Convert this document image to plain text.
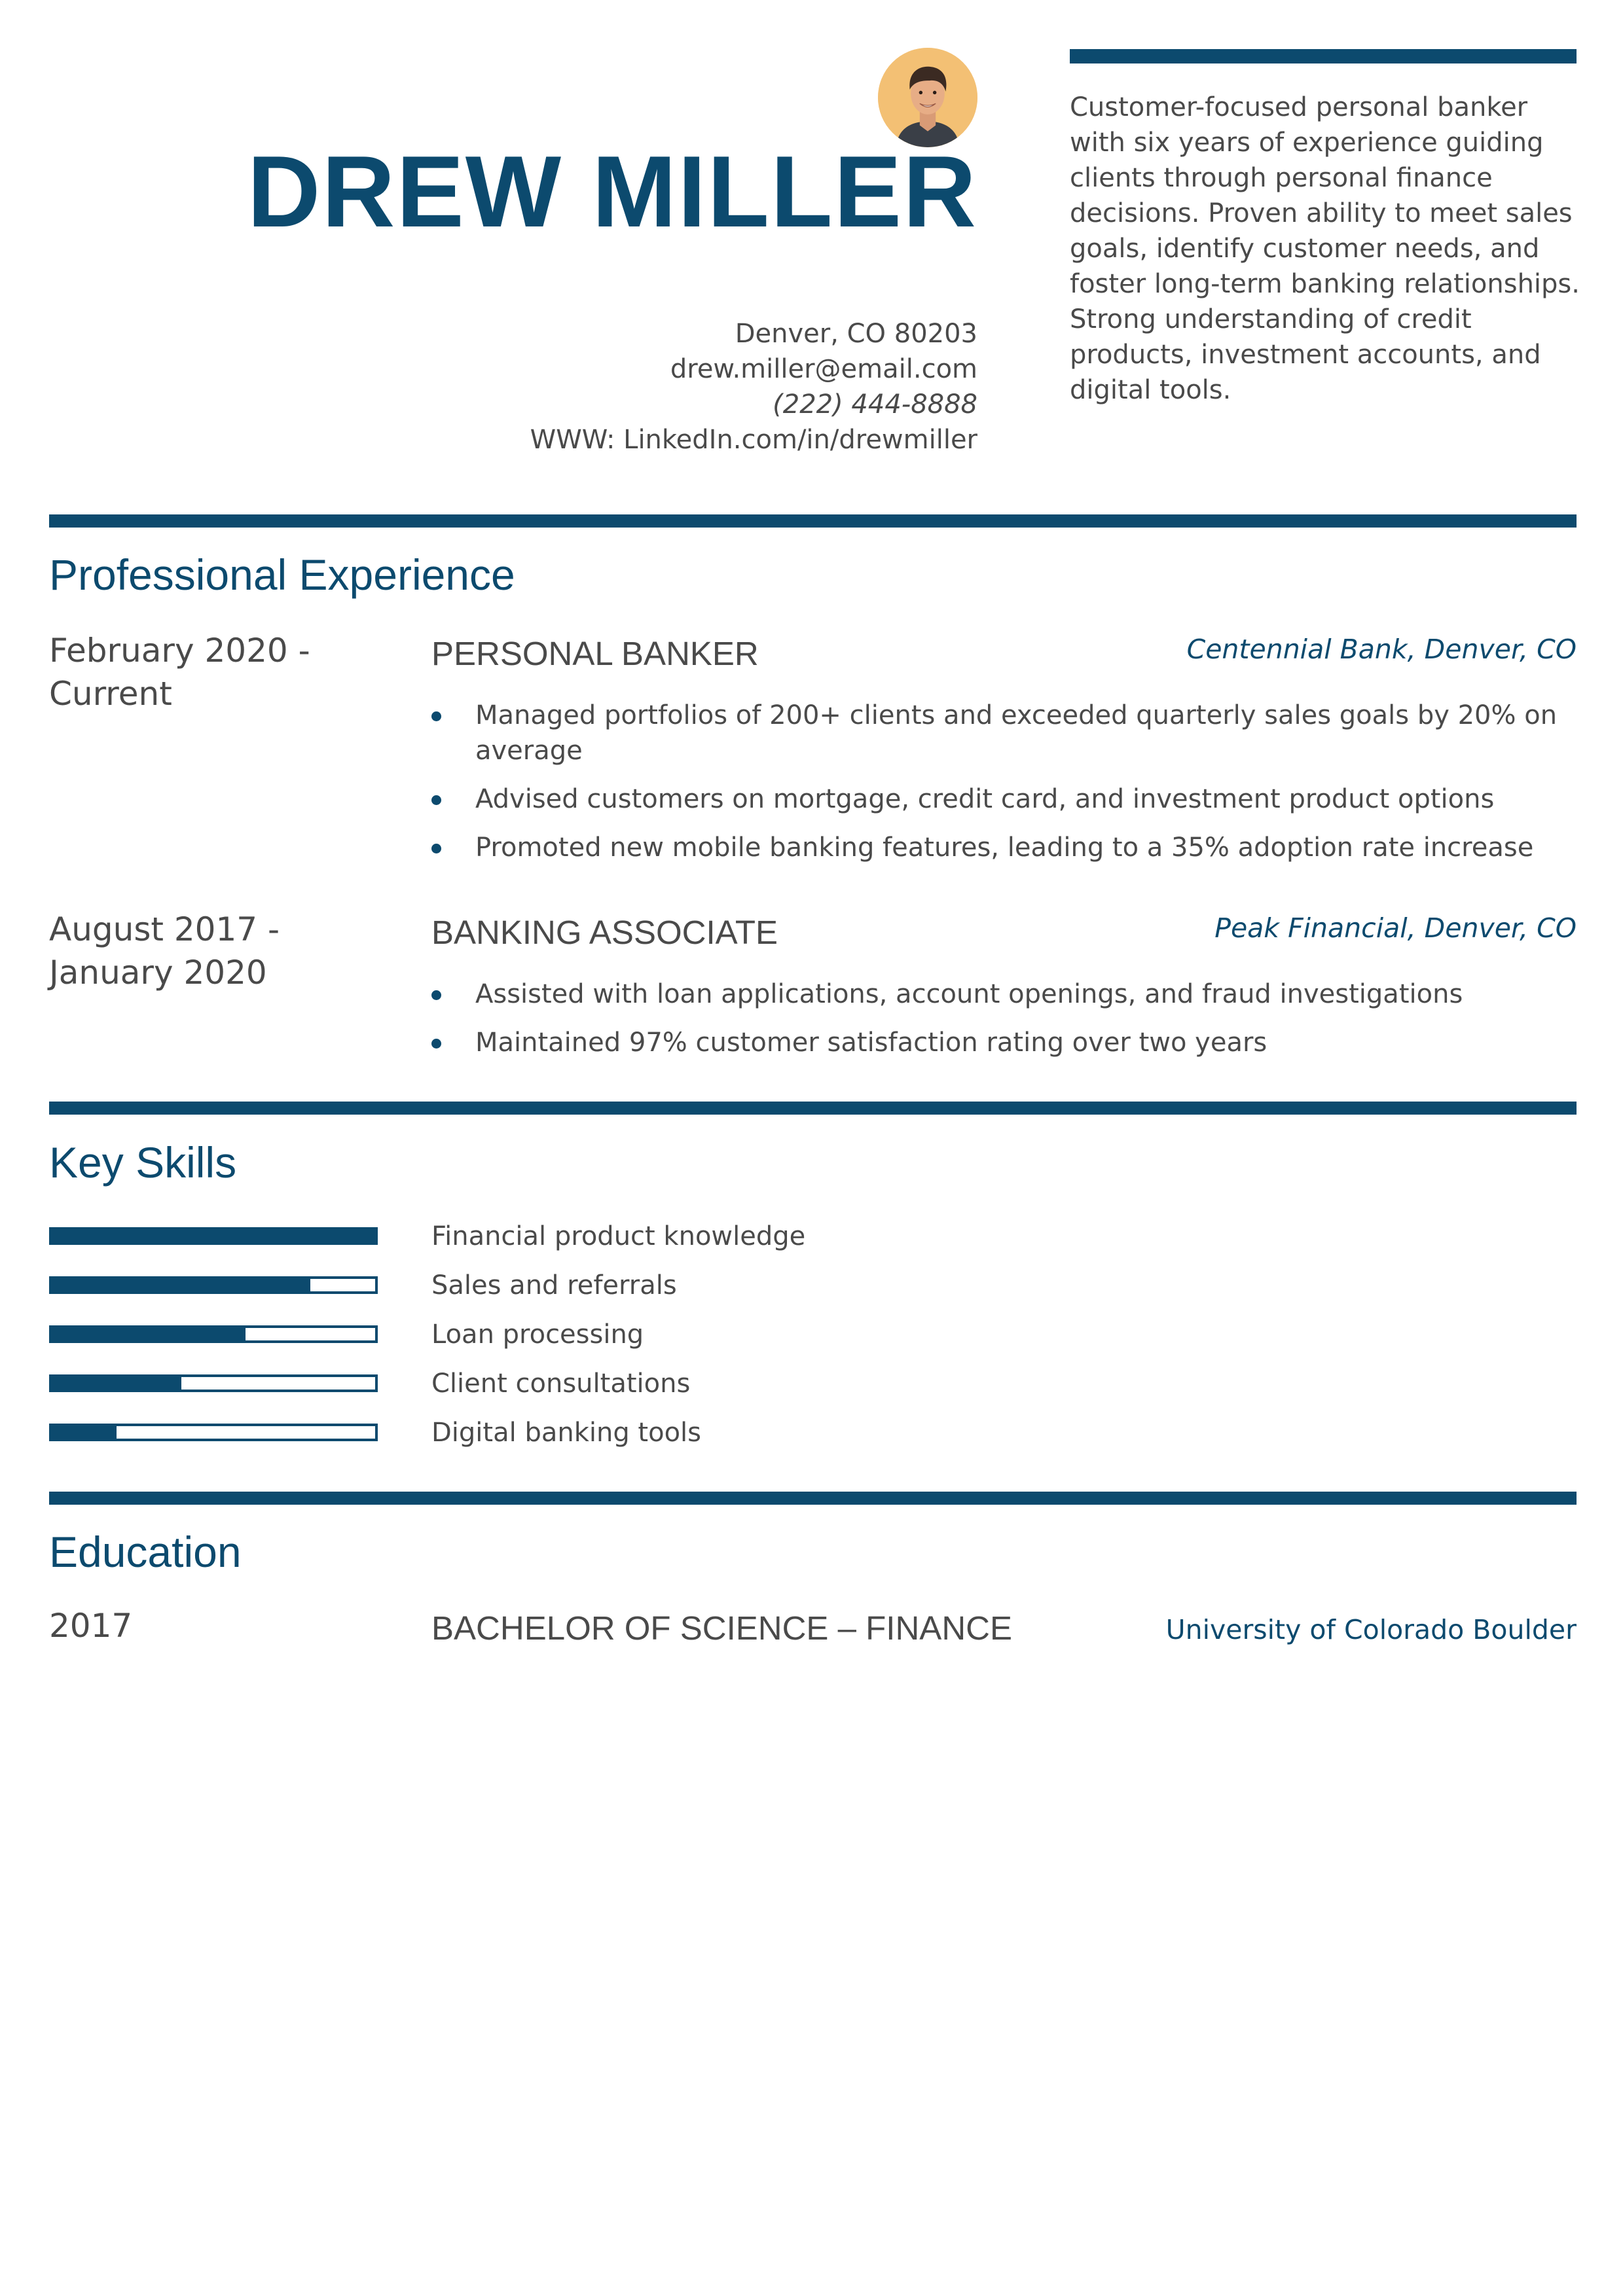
DREW MILLER
Denver, CO 80203
drew.miller@email.com
(222) 444-8888
WWW: LinkedIn.com/in/drewmiller
Customer-focused personal banker with six years of experience guiding clients through personal finance decisions. Proven ability to meet sales goals, identify customer needs, and foster long-term banking relationships. Strong understanding of credit products, investment accounts, and digital tools.
Professional Experience
February 2020 -
Current
PERSONAL BANKER	Centennial Bank, Denver, CO
Managed portfolios of 200+ clients and exceeded quarterly sales goals by 20% on average
Advised customers on mortgage, credit card, and investment product options
Promoted new mobile banking features, leading to a 35% adoption rate increase
August 2017 -
January 2020
BANKING ASSOCIATE	Peak Financial, Denver, CO
Assisted with loan applications, account openings, and fraud investigations
Maintained 97% customer satisfaction rating over two years
Key Skills
Financial product knowledge
Sales and referrals
Loan processing
Client consultations
Digital banking tools
Education
2017	BACHELOR OF SCIENCE – FINANCE	University of Colorado Boulder
